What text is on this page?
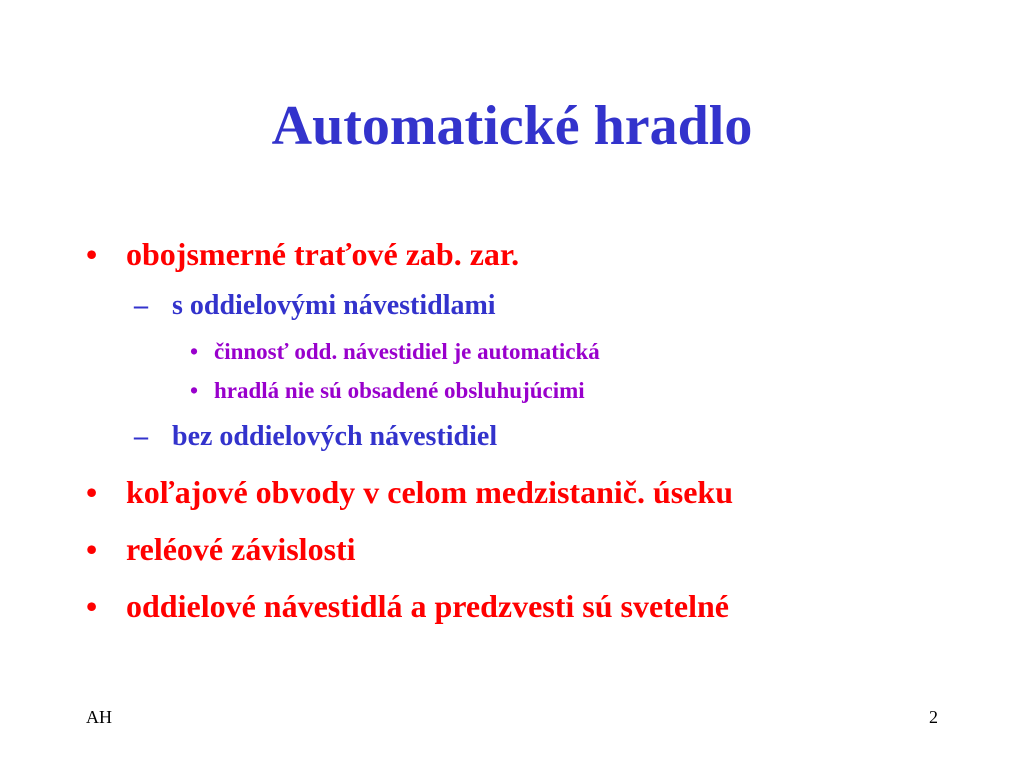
Automatické hradlo
• obojsmerné traťové zab. zar.
– s oddielovými návestidlami
• činnosť odd. návestidiel je automatická
• hradlá nie sú obsadené obsluhujúcimi
– bez oddielových návestidiel
• koľajové obvody v celom medzistanič. úseku
• reléové závislosti
• oddielové návestidlá a predzvesti sú svetelné
AH	2
